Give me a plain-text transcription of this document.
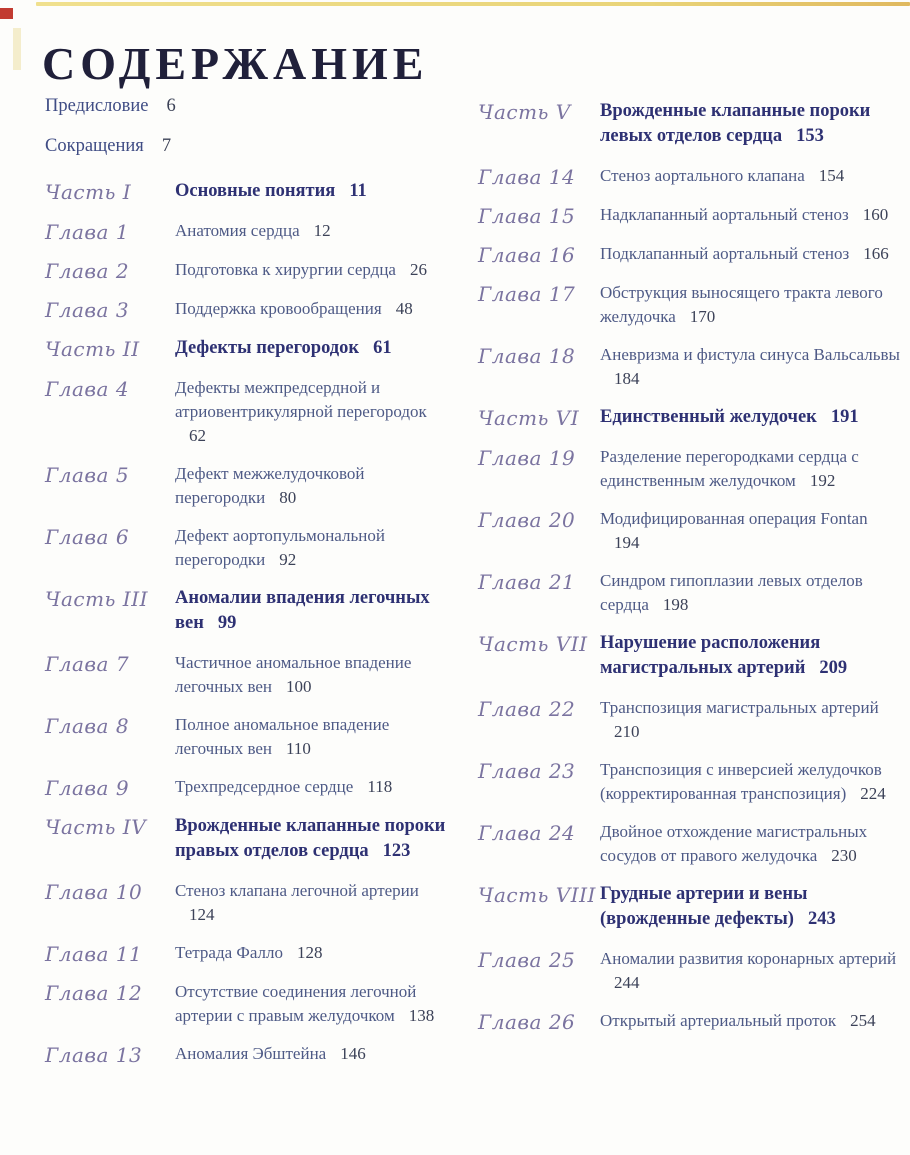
СОДЕРЖАНИЕ
Предисловие 6
Сокращения 7
Часть I	Основные понятия 11
Глава 1	Анатомия сердца 12
Глава 2	Подготовка к хирургии сердца 26
Глава 3	Поддержка кровообращения 48
Часть II	Дефекты перегородок 61
Глава 4	Дефекты межпредсердной и атриовентрикулярной перегородок62
Глава 5	Дефект межжелудочковой перегородки 80
Глава 6	Дефект аортопульмональной перегородки 92
Часть III	Аномалии впадения легочных вен 99
Глава 7	Частичное аномальное впадение легочных вен 100
Глава 8	Полное аномальное впадение легочных вен 110
Глава 9	Трехпредсердное сердце 118
Часть IV	Врожденные клапанные пороки правых отделов сердца 123
Глава 10	Стеноз клапана легочной артерии124
Глава 11	Тетрада Фалло 128
Глава 12	Отсутствие соединения легочной артерии с правым желудочком 138
Глава 13	Аномалия Эбштейна 146
Часть V	Врожденные клапанные пороки левых отделов сердца 153
Глава 14	Стеноз аортального клапана 154
Глава 15	Надклапанный аортальный стеноз 160
Глава 16	Подклапанный аортальный стеноз 166
Глава 17	Обструкция выносящего тракта левого желудочка 170
Глава 18	Аневризма и фистула синуса Вальсальвы184
Часть VI	Единственный желудочек 191
Глава 19	Разделение перегородками сердца с единственным желудочком 192
Глава 20	Модифицированная операция Fontan194
Глава 21	Синдром гипоплазии левых отделов сердца 198
Часть VII Нарушение расположения магистральных артерий 209
Глава 22	Транспозиция магистральных артерий210
Глава 23	Транспозиция с инверсией желудочков (корректированная транспозиция) 224
Глава 24	Двойное отхождение магистральных сосудов от правого желудочка 230
Часть VIII Грудные артерии и вены (врожденные дефекты) 243
Глава 25	Аномалии развития коронарных артерий244
Глава 26	Открытый артериальный проток 254
